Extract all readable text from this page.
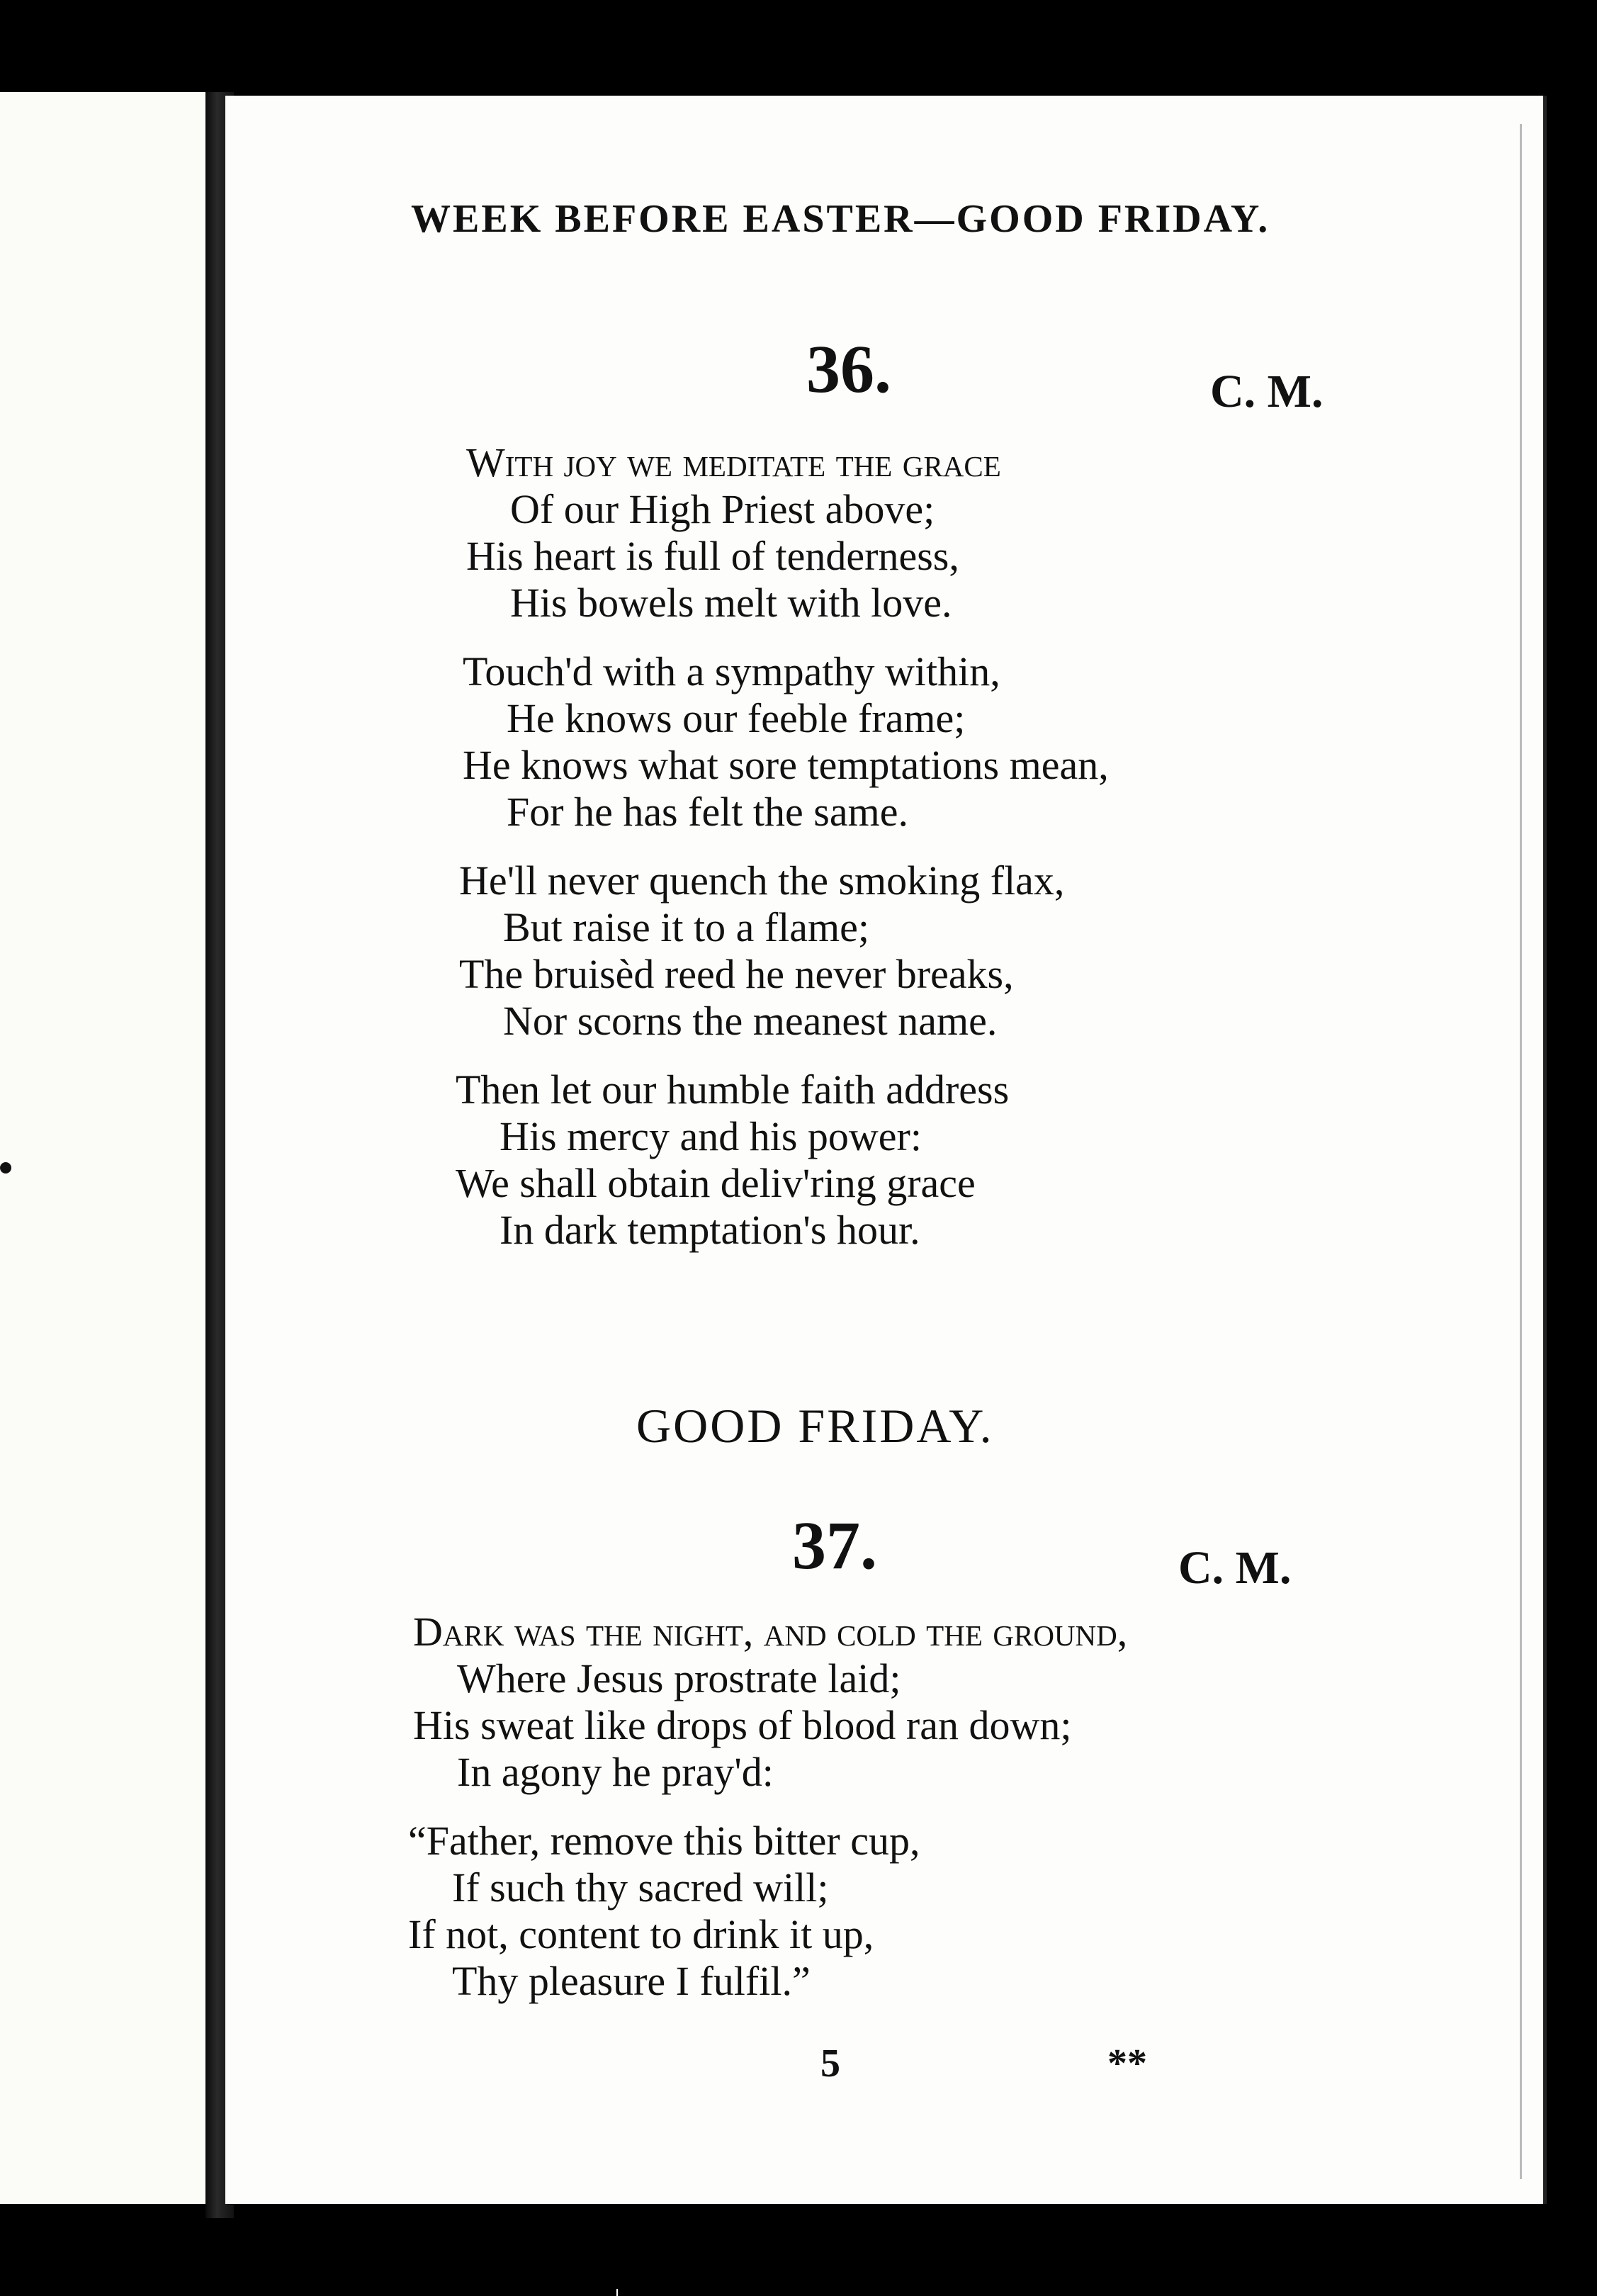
WEEK BEFORE EASTER—GOOD FRIDAY.
36.	C. M.
With joy we meditate the grace
Of our High Priest above;
His heart is full of tenderness,
His bowels melt with love.
Touch'd with a sympathy within,
He knows our feeble frame;
He knows what sore temptations mean,
For he has felt the same.
He'll never quench the smoking flax,
But raise it to a flame;
The bruisèd reed he never breaks,
Nor scorns the meanest name.
Then let our humble faith address
His mercy and his power:
We shall obtain deliv'ring grace
In dark temptation's hour.
GOOD FRIDAY.
37.	C. M.
Dark was the night, and cold the ground,
Where Jesus prostrate laid;
His sweat like drops of blood ran down;
In agony he pray'd:
“Father, remove this bitter cup,
If such thy sacred will;
If not, content to drink it up,
Thy pleasure I fulfil.”
5	**
